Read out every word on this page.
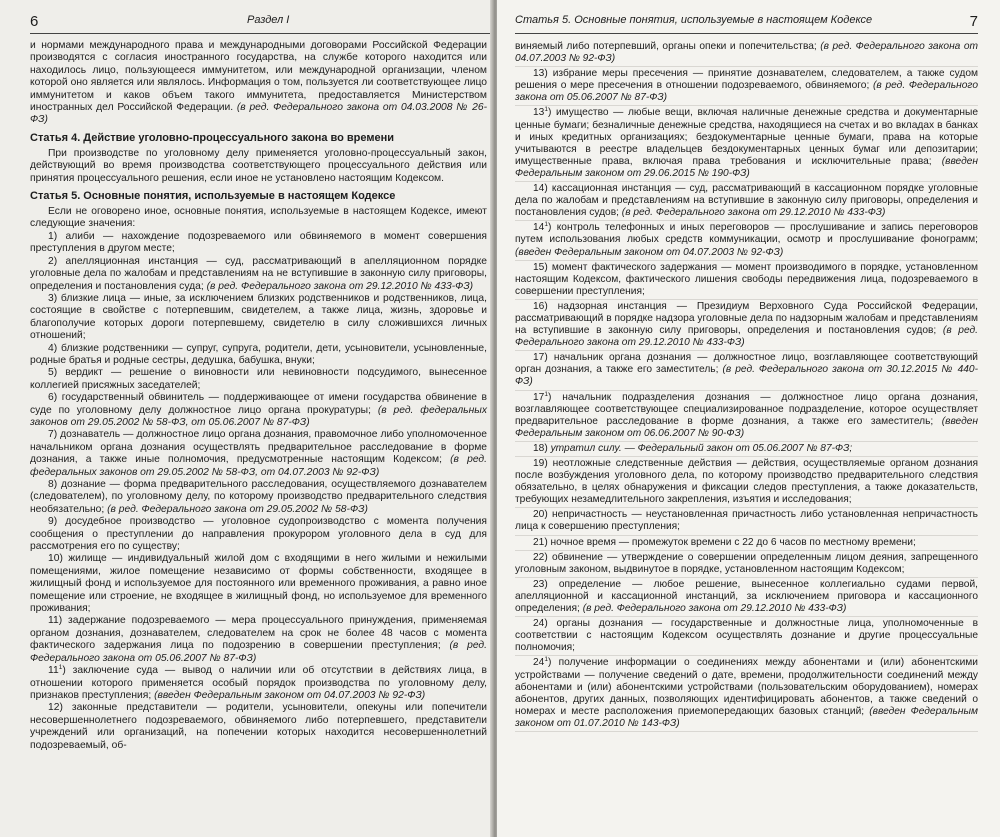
6	Раздел I

и нормами международного права и международными договорами Российской Федерации производятся с согласия иностранного государства, на службе которого находится или находилось лицо, пользующееся иммунитетом, или международной организации, членом которой оно является или являлось. Информация о том, пользуется ли соответствующее лицо иммунитетом и каков объем такого иммунитета, предоставляется Министерством иностранных дел Российской Федерации. (в ред. Федерального закона от 04.03.2008 № 26-ФЗ)

Статья 4. Действие уголовно-процессуального закона во времени

При производстве по уголовному делу применяется уголовно-процессуальный закон, действующий во время производства соответствующего процессуального действия или принятия процессуального решения, если иное не установлено настоящим Кодексом.

Статья 5. Основные понятия, используемые в настоящем Кодексе

Если не оговорено иное, основные понятия, используемые в настоящем Кодексе, имеют следующие значения:

1) алиби — нахождение подозреваемого или обвиняемого в момент совершения преступления в другом месте;

2) апелляционная инстанция — суд, рассматривающий в апелляционном порядке уголовные дела по жалобам и представлениям на не вступившие в законную силу приговоры, определения и постановления суда; (в ред. Федерального закона от 29.12.2010 № 433-ФЗ)

3) близкие лица — иные, за исключением близких родственников и родственников, лица, состоящие в свойстве с потерпевшим, свидетелем, а также лица, жизнь, здоровье и благополучие которых дороги потерпевшему, свидетелю в силу сложившихся личных отношений;

4) близкие родственники — супруг, супруга, родители, дети, усыновители, усыновленные, родные братья и родные сестры, дедушка, бабушка, внуки;

5) вердикт — решение о виновности или невиновности подсудимого, вынесенное коллегией присяжных заседателей;

6) государственный обвинитель — поддерживающее от имени государства обвинение в суде по уголовному делу должностное лицо органа прокуратуры; (в ред. федеральных законов от 29.05.2002 № 58-ФЗ, от 05.06.2007 № 87-ФЗ)

7) дознаватель — должностное лицо органа дознания, правомочное либо уполномоченное начальником органа дознания осуществлять предварительное расследование в форме дознания, а также иные полномочия, предусмотренные настоящим Кодексом; (в ред. федеральных законов от 29.05.2002 № 58-ФЗ, от 04.07.2003 № 92-ФЗ)

8) дознание — форма предварительного расследования, осуществляемого дознавателем (следователем), по уголовному делу, по которому производство предварительного следствия необязательно; (в ред. Федерального закона от 29.05.2002 № 58-ФЗ)

9) досудебное производство — уголовное судопроизводство с момента получения сообщения о преступлении до направления прокурором уголовного дела в суд для рассмотрения его по существу;

10) жилище — индивидуальный жилой дом с входящими в него жилыми и нежилыми помещениями, жилое помещение независимо от формы собственности, входящее в жилищный фонд и используемое для постоянного или временного проживания, а равно иное помещение или строение, не входящее в жилищный фонд, но используемое для временного проживания;

11) задержание подозреваемого — мера процессуального принуждения, применяемая органом дознания, дознавателем, следователем на срок не более 48 часов с момента фактического задержания лица по подозрению в совершении преступления; (в ред. Федерального закона от 05.06.2007 № 87-ФЗ)

$11^1$) заключение суда — вывод о наличии или об отсутствии в действиях лица, в отношении которого применяется особый порядок производства по уголовному делу, признаков преступления; (введен Федеральным законом от 04.07.2003 № 92-ФЗ)

12) законные представители — родители, усыновители, опекуны или попечители несовершеннолетнего подозреваемого, обвиняемого либо потерпевшего, представители учреждений или организаций, на попечении которых находится несовершеннолетний подозреваемый, об-

Статья 5. Основные понятия, используемые в настоящем Кодексе	7

виняемый либо потерпевший, органы опеки и попечительства; (в ред. Федерального закона от 04.07.2003 № 92-ФЗ)

13) избрание меры пресечения — принятие дознавателем, следователем, а также судом решения о мере пресечения в отношении подозреваемого, обвиняемого; (в ред. Федерального закона от 05.06.2007 № 87-ФЗ)

$13^1$) имущество — любые вещи, включая наличные денежные средства и документарные ценные бумаги; безналичные денежные средства, находящиеся на счетах и во вкладах в банках и иных кредитных организациях; бездокументарные ценные бумаги, права на которые учитываются в реестре владельцев бездокументарных ценных бумаг или депозитарии; имущественные права, включая права требования и исключительные права; (введен Федеральным законом от 29.06.2015 № 190-ФЗ)

14) кассационная инстанция — суд, рассматривающий в кассационном порядке уголовные дела по жалобам и представлениям на вступившие в законную силу приговоры, определения и постановления судов; (в ред. Федерального закона от 29.12.2010 № 433-ФЗ)

$14^1$) контроль телефонных и иных переговоров — прослушивание и запись переговоров путем использования любых средств коммуникации, осмотр и прослушивание фонограмм; (введен Федеральным законом от 04.07.2003 № 92-ФЗ)

15) момент фактического задержания — момент производимого в порядке, установленном настоящим Кодексом, фактического лишения свободы передвижения лица, подозреваемого в совершении преступления;

16) надзорная инстанция — Президиум Верховного Суда Российской Федерации, рассматривающий в порядке надзора уголовные дела по надзорным жалобам и представлениям на вступившие в законную силу приговоры, определения и постановления судов; (в ред. Федерального закона от 29.12.2010 № 433-ФЗ)

17) начальник органа дознания — должностное лицо, возглавляющее соответствующий орган дознания, а также его заместитель; (в ред. Федерального закона от 30.12.2015 № 440-ФЗ)

$17^1$) начальник подразделения дознания — должностное лицо органа дознания, возглавляющее соответствующее специализированное подразделение, которое осуществляет предварительное расследование в форме дознания, а также его заместитель; (введен Федеральным законом от 06.06.2007 № 90-ФЗ)

18) утратил силу. — Федеральный закон от 05.06.2007 № 87-ФЗ;

19) неотложные следственные действия — действия, осуществляемые органом дознания после возбуждения уголовного дела, по которому производство предварительного следствия обязательно, в целях обнаружения и фиксации следов преступления, а также доказательств, требующих незамедлительного закрепления, изъятия и исследования;

20) непричастность — неустановленная причастность либо установленная непричастность лица к совершению преступления;

21) ночное время — промежуток времени с 22 до 6 часов по местному времени;

22) обвинение — утверждение о совершении определенным лицом деяния, запрещенного уголовным законом, выдвинутое в порядке, установленном настоящим Кодексом;

23) определение — любое решение, вынесенное коллегиально судами первой, апелляционной и кассационной инстанций, за исключением приговора и кассационного определения; (в ред. Федерального закона от 29.12.2010 № 433-ФЗ)

24) органы дознания — государственные и должностные лица, уполномоченные в соответствии с настоящим Кодексом осуществлять дознание и другие процессуальные полномочия;

$24^1$) получение информации о соединениях между абонентами и (или) абонентскими устройствами — получение сведений о дате, времени, продолжительности соединений между абонентами и (или) абонентскими устройствами (пользовательским оборудованием), номерах абонентов, других данных, позволяющих идентифицировать абонентов, а также сведений о номерах и месте расположения приемопередающих базовых станций; (введен Федеральным законом от 01.07.2010 № 143-ФЗ)
